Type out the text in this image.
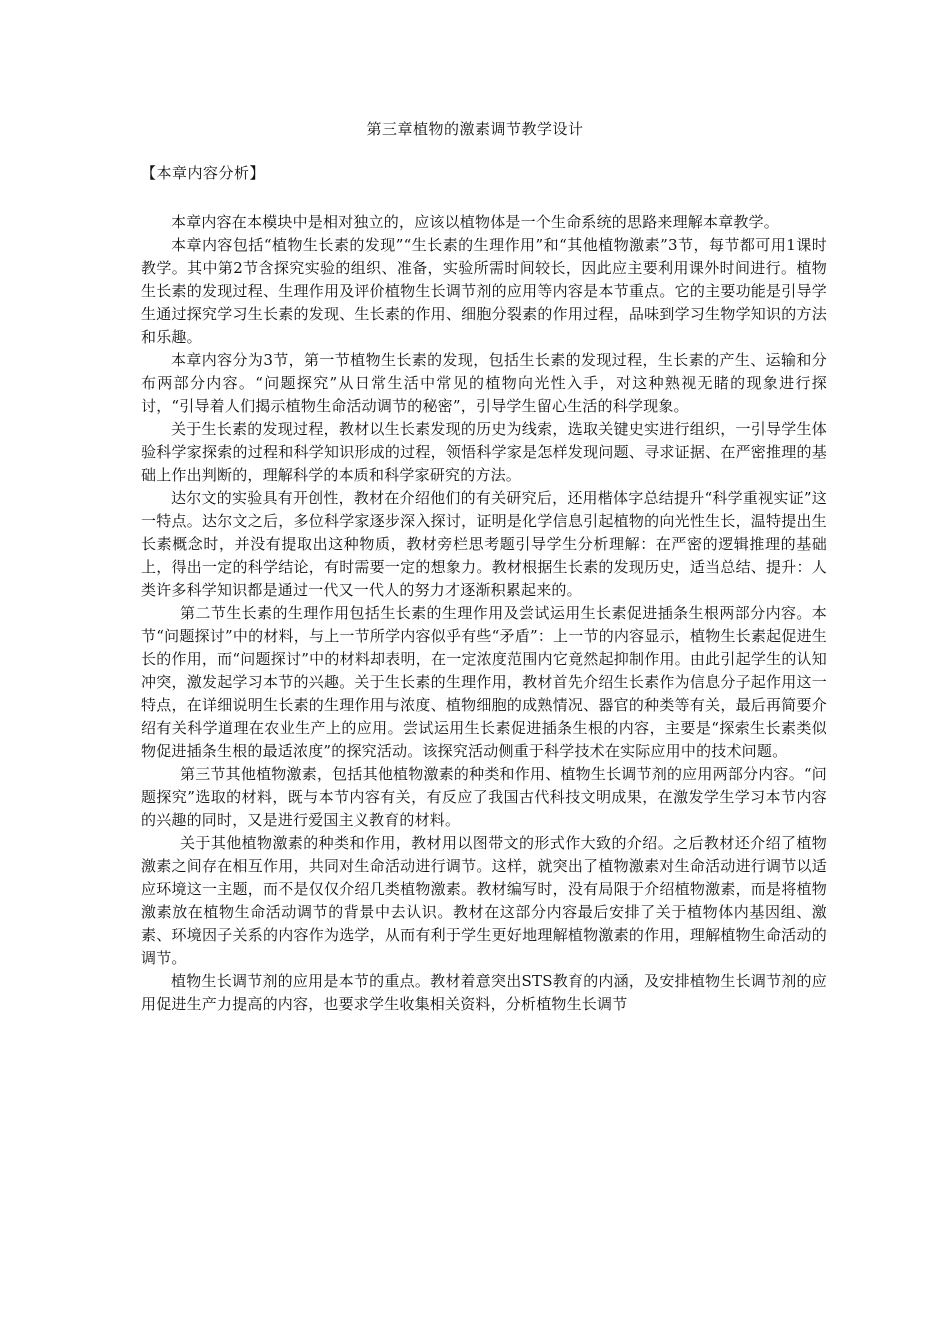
第三章植物的激素调节教学设计
【本章内容分析】

本章内容在本模块中是相对独立的，应该以植物体是一个生命系统的思路来理解本章教学。

本章内容包括“植物生长素的发现”“生长素的生理作用”和“其他植物激素”3节，每节都可用1课时教学。其中第2节含探究实验的组织、准备，实验所需时间较长，因此应主要利用课外时间进行。植物生长素的发现过程、生理作用及评价植物生长调节剂的应用等内容是本节重点。它的主要功能是引导学生通过探究学习生长素的发现、生长素的作用、细胞分裂素的作用过程，品味到学习生物学知识的方法和乐趣。

本章内容分为3节，第一节植物生长素的发现，包括生长素的发现过程，生长素的产生、运输和分布两部分内容。“问题探究”从日常生活中常见的植物向光性入手，对这种熟视无睹的现象进行探讨，“引导着人们揭示植物生命活动调节的秘密”，引导学生留心生活的科学现象。

关于生长素的发现过程，教材以生长素发现的历史为线索，选取关键史实进行组织，一引导学生体验科学家探索的过程和科学知识形成的过程，领悟科学家是怎样发现问题、寻求证据、在严密推理的基础上作出判断的，理解科学的本质和科学家研究的方法。

达尔文的实验具有开创性，教材在介绍他们的有关研究后，还用楷体字总结提升“科学重视实证”这一特点。达尔文之后，多位科学家逐步深入探讨，证明是化学信息引起植物的向光性生长，温特提出生长素概念时，并没有提取出这种物质，教材旁栏思考题引导学生分析理解：在严密的逻辑推理的基础上，得出一定的科学结论，有时需要一定的想象力。教材根据生长素的发现历史，适当总结、提升：人类许多科学知识都是通过一代又一代人的努力才逐渐积累起来的。

第二节生长素的生理作用包括生长素的生理作用及尝试运用生长素促进插条生根两部分内容。本节“问题探讨”中的材料，与上一节所学内容似乎有些“矛盾”：上一节的内容显示，植物生长素起促进生长的作用，而“问题探讨”中的材料却表明，在一定浓度范围内它竟然起抑制作用。由此引起学生的认知冲突，激发起学习本节的兴趣。关于生长素的生理作用，教材首先介绍生长素作为信息分子起作用这一特点，在详细说明生长素的生理作用与浓度、植物细胞的成熟情况、器官的种类等有关，最后再简要介绍有关科学道理在农业生产上的应用。尝试运用生长素促进插条生根的内容，主要是“探索生长素类似物促进插条生根的最适浓度”的探究活动。该探究活动侧重于科学技术在实际应用中的技术问题。

第三节其他植物激素，包括其他植物激素的种类和作用、植物生长调节剂的应用两部分内容。“问题探究”选取的材料，既与本节内容有关，有反应了我国古代科技文明成果，在激发学生学习本节内容的兴趣的同时，又是进行爱国主义教育的材料。

关于其他植物激素的种类和作用，教材用以图带文的形式作大致的介绍。之后教材还介绍了植物激素之间存在相互作用，共同对生命活动进行调节。这样，就突出了植物激素对生命活动进行调节以适应环境这一主题，而不是仅仅介绍几类植物激素。教材编写时，没有局限于介绍植物激素，而是将植物激素放在植物生命活动调节的背景中去认识。教材在这部分内容最后安排了关于植物体内基因组、激素、环境因子关系的内容作为选学，从而有利于学生更好地理解植物激素的作用，理解植物生命活动的调节。

植物生长调节剂的应用是本节的重点。教材着意突出STS教育的内涵，及安排植物生长调节剂的应用促进生产力提高的内容，也要求学生收集相关资料，分析植物生长调节
